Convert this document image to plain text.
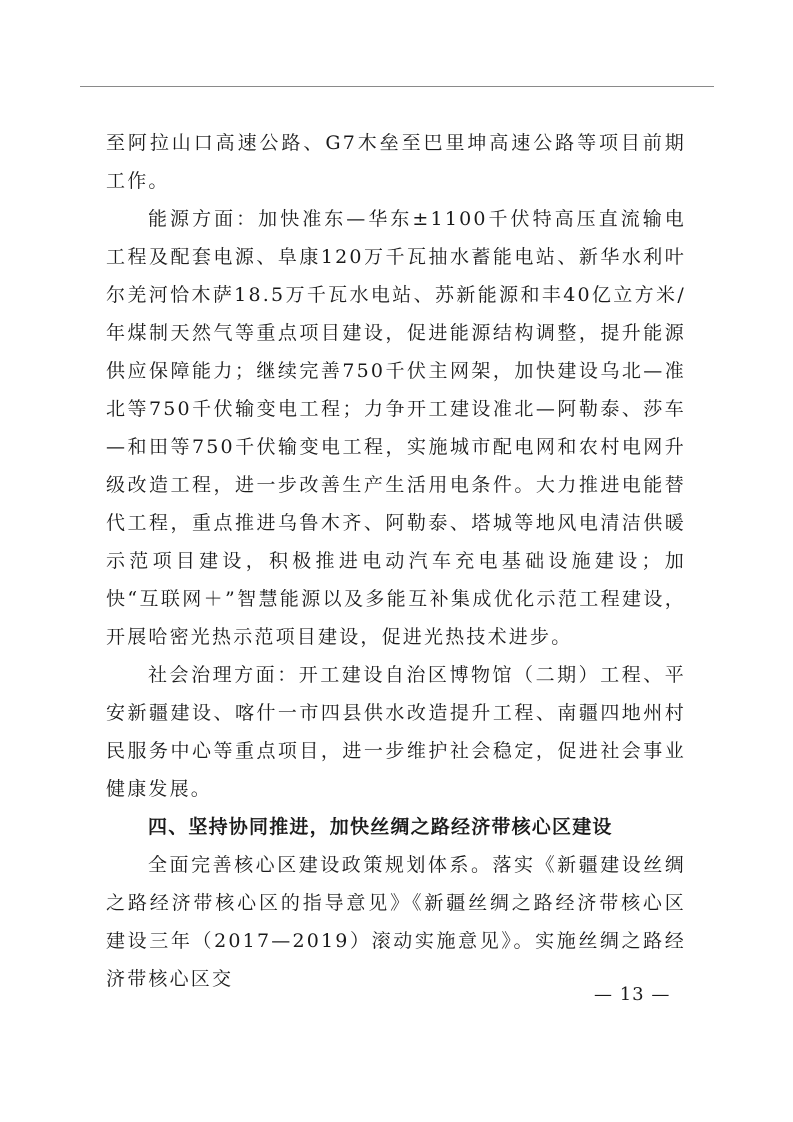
至阿拉山口高速公路、G7木垒至巴里坤高速公路等项目前期工作。

能源方面：加快准东—华东±1100千伏特高压直流输电工程及配套电源、阜康120万千瓦抽水蓄能电站、新华水利叶尔羌河恰木萨18.5万千瓦水电站、苏新能源和丰40亿立方米/年煤制天然气等重点项目建设，促进能源结构调整，提升能源供应保障能力；继续完善750千伏主网架，加快建设乌北—准北等750千伏输变电工程；力争开工建设准北—阿勒泰、莎车—和田等750千伏输变电工程，实施城市配电网和农村电网升级改造工程，进一步改善生产生活用电条件。大力推进电能替代工程，重点推进乌鲁木齐、阿勒泰、塔城等地风电清洁供暖示范项目建设，积极推进电动汽车充电基础设施建设；加快“互联网＋”智慧能源以及多能互补集成优化示范工程建设，开展哈密光热示范项目建设，促进光热技术进步。

社会治理方面：开工建设自治区博物馆（二期）工程、平安新疆建设、喀什一市四县供水改造提升工程、南疆四地州村民服务中心等重点项目，进一步维护社会稳定，促进社会事业健康发展。

四、坚持协同推进，加快丝绸之路经济带核心区建设

全面完善核心区建设政策规划体系。落实《新疆建设丝绸之路经济带核心区的指导意见》《新疆丝绸之路经济带核心区建设三年（2017—2019）滚动实施意见》。实施丝绸之路经济带核心区交

— 13 —
